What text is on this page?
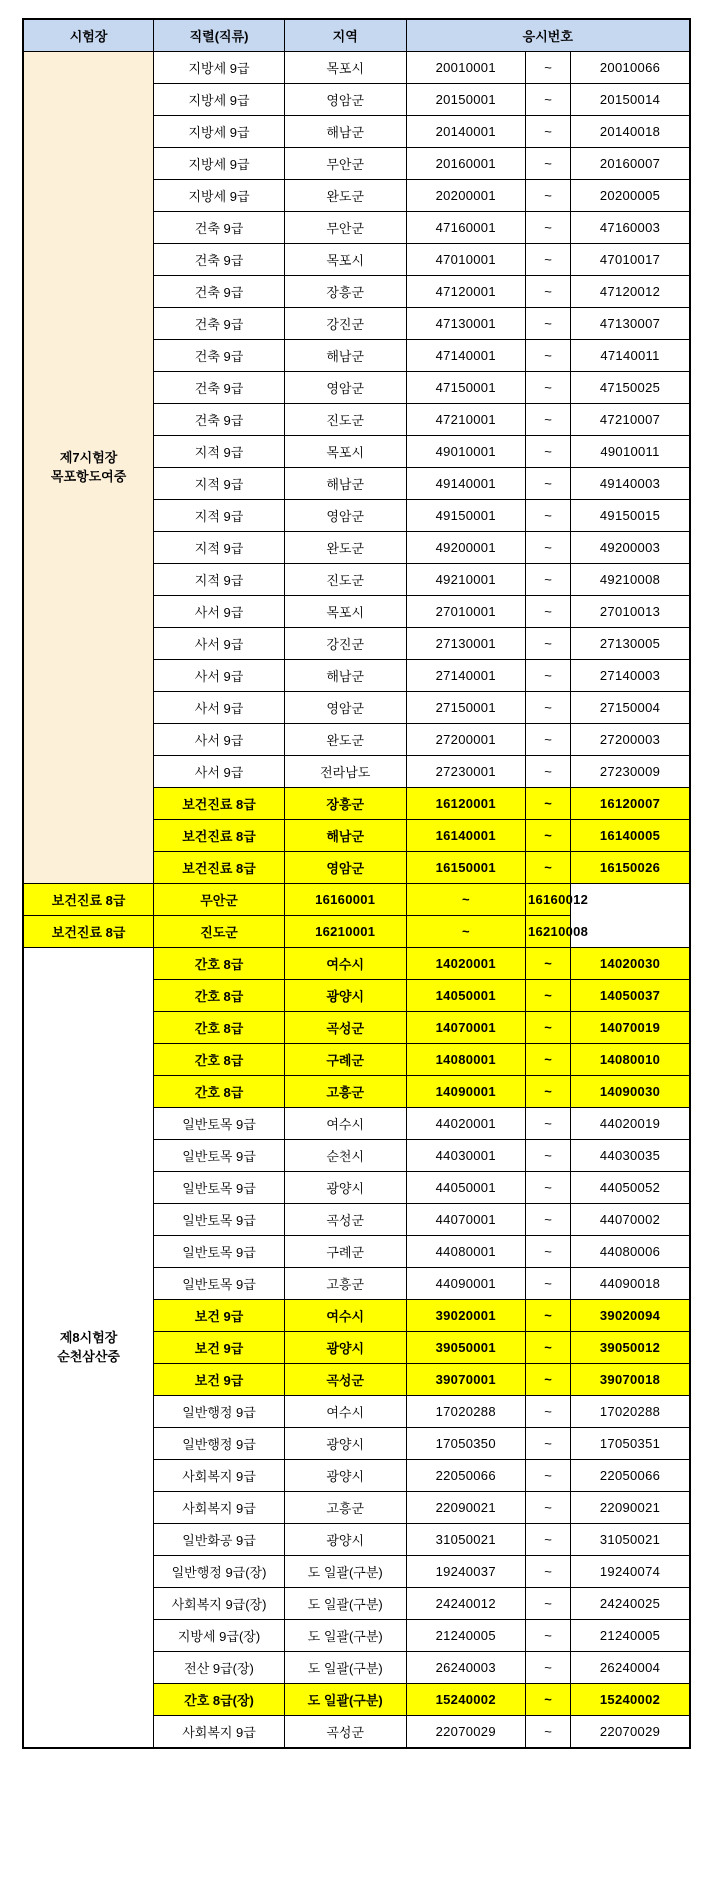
시험장	직렬(직류)	지역	응시번호		
제7시험장
목포항도여중	지방세 9급	목포시	20010001	~	20010066
	지방세 9급	영암군	20150001	~	20150014
	지방세 9급	해남군	20140001	~	20140018
	지방세 9급	무안군	20160001	~	20160007
	지방세 9급	완도군	20200001	~	20200005
	건축 9급	무안군	47160001	~	47160003
	건축 9급	목포시	47010001	~	47010017
	건축 9급	장흥군	47120001	~	47120012
	건축 9급	강진군	47130001	~	47130007
	건축 9급	해남군	47140001	~	47140011
	건축 9급	영암군	47150001	~	47150025
	건축 9급	진도군	47210001	~	47210007
	지적 9급	목포시	49010001	~	49010011
	지적 9급	해남군	49140001	~	49140003
	지적 9급	영암군	49150001	~	49150015
	지적 9급	완도군	49200001	~	49200003
	지적 9급	진도군	49210001	~	49210008
	사서 9급	목포시	27010001	~	27010013
	사서 9급	강진군	27130001	~	27130005
	사서 9급	해남군	27140001	~	27140003
	사서 9급	영암군	27150001	~	27150004
	사서 9급	완도군	27200001	~	27200003
	사서 9급	전라남도	27230001	~	27230009
	보건진료 8급	장흥군	16120001	~	16120007
	보건진료 8급	해남군	16140001	~	16140005
	보건진료 8급	영암군	16150001	~	16150026
보건진료 8급	무안군	16160001	~	16160012	
보건진료 8급	진도군	16210001	~	16210008	
제8시험장
순천삼산중	간호 8급	여수시	14020001	~	14020030
	간호 8급	광양시	14050001	~	14050037
	간호 8급	곡성군	14070001	~	14070019
	간호 8급	구례군	14080001	~	14080010
	간호 8급	고흥군	14090001	~	14090030
	일반토목 9급	여수시	44020001	~	44020019
	일반토목 9급	순천시	44030001	~	44030035
	일반토목 9급	광양시	44050001	~	44050052
	일반토목 9급	곡성군	44070001	~	44070002
	일반토목 9급	구례군	44080001	~	44080006
	일반토목 9급	고흥군	44090001	~	44090018
	보건 9급	여수시	39020001	~	39020094
	보건 9급	광양시	39050001	~	39050012
	보건 9급	곡성군	39070001	~	39070018
	일반행정 9급	여수시	17020288	~	17020288
	일반행정 9급	광양시	17050350	~	17050351
	사회복지 9급	광양시	22050066	~	22050066
	사회복지 9급	고흥군	22090021	~	22090021
	일반화공 9급	광양시	31050021	~	31050021
	일반행정 9급(장)	도 일괄(구분)	19240037	~	19240074
	사회복지 9급(장)	도 일괄(구분)	24240012	~	24240025
	지방세 9급(장)	도 일괄(구분)	21240005	~	21240005
	전산 9급(장)	도 일괄(구분)	26240003	~	26240004
	간호 8급(장)	도 일괄(구분)	15240002	~	15240002
	사회복지 9급	곡성군	22070029	~	22070029
